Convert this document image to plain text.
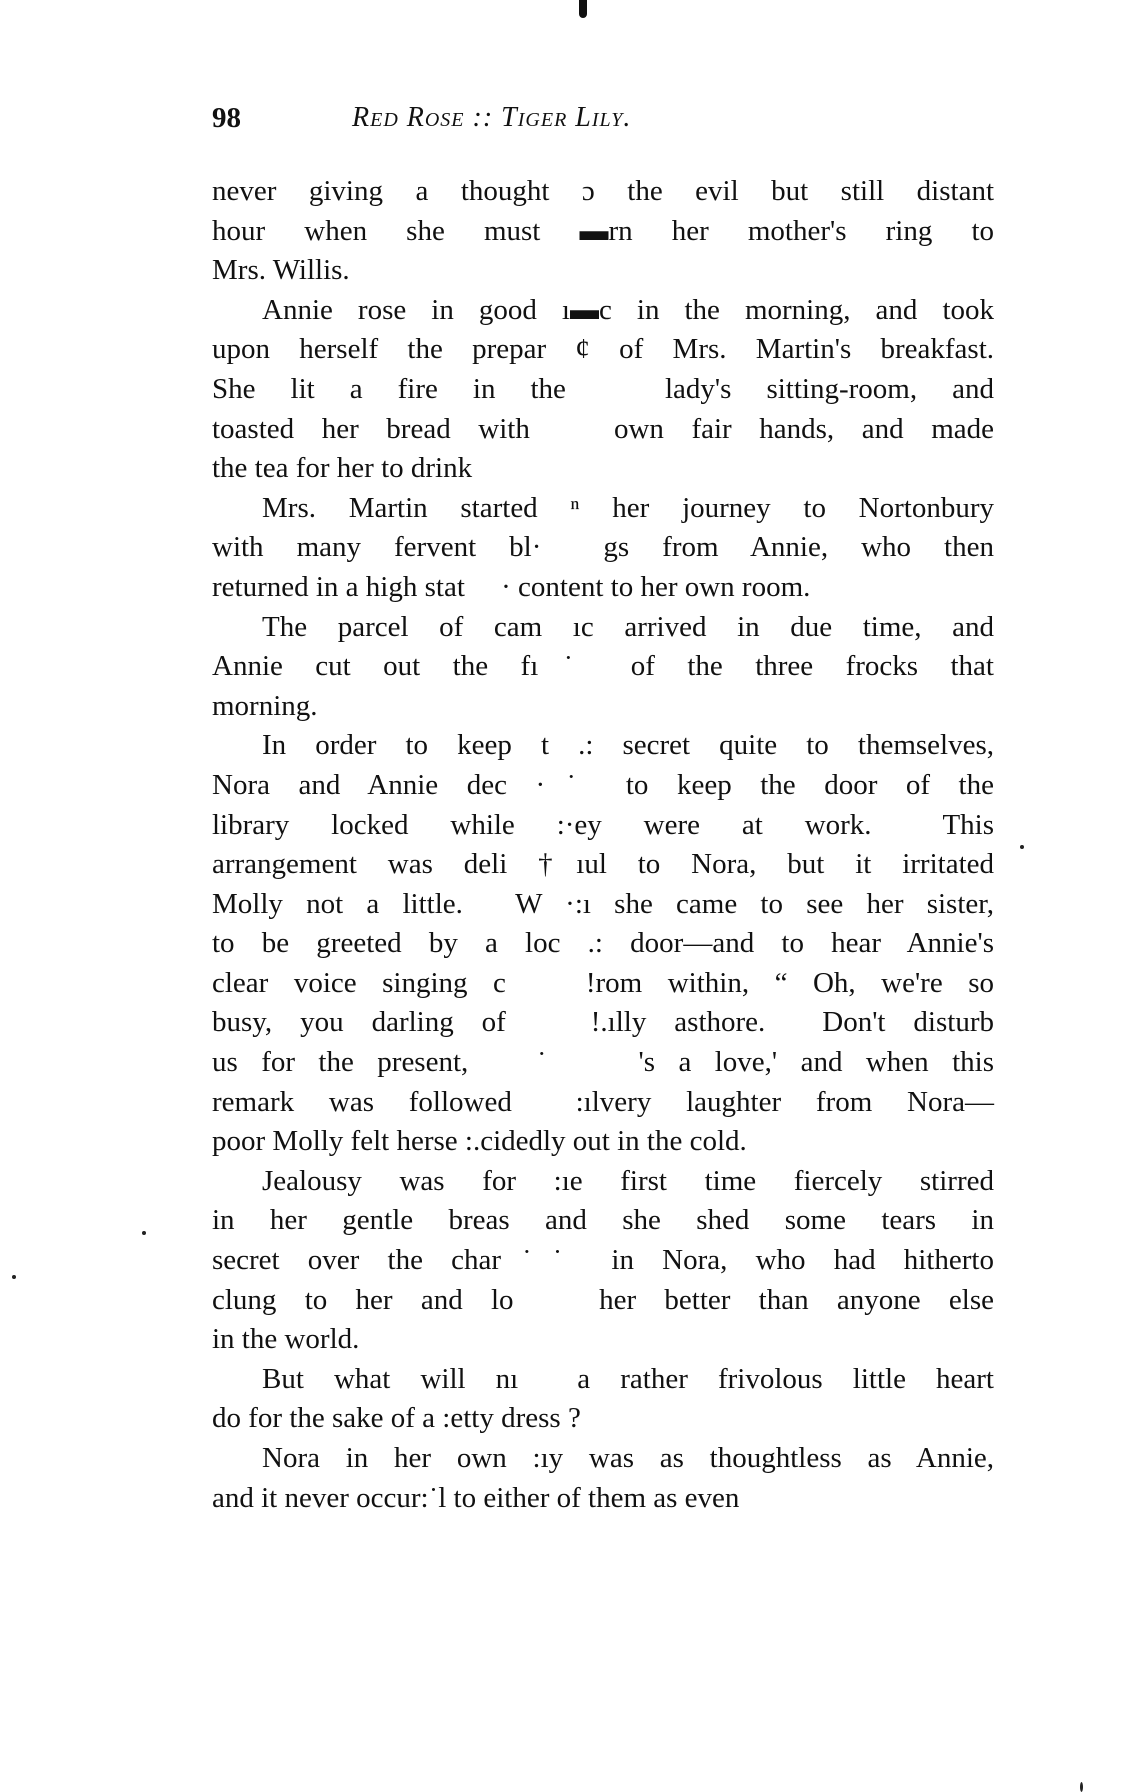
98	Red Rose :: Tiger Lily.

never giving a thought ɔ the evil but still distant
hour when she must ▬rn her mother's ring to
Mrs. Willis.

Annie rose in good ı▬c in the morning, and took
upon herself the prepar ¢ of Mrs. Martin's breakfast.
She lit a fire in the   lady's sitting-room, and
toasted her bread with   own fair hands, and made
the tea for her to drink

Mrs. Martin started ⁿ her journey to Nortonbury
with many fervent bl·  gs from Annie, who then
returned in a high stat  · content to her own room.

The parcel of cam ıc arrived in due time, and
Annie cut out the fı˙ of the three frocks that
morning.

In order to keep t .: secret quite to themselves,
Nora and Annie dec ·˙ to keep the door of the
library locked while :·ey were at work.  This
arrangement was deli †ıul to Nora, but it irritated
Molly not a little.  W ·:ı she came to see her sister,
to be greeted by a loc .: door—and to hear Annie's
clear voice singing c   !rom within, “ Oh, we're so
busy, you darling of   !.ılly asthore.  Don't disturb
us for the present,  ˙   's a love,' and when this
remark was followed  :ılvery laughter from Nora—
poor Molly felt herse :.cidedly out in the cold.

Jealousy was for :ıe first time fiercely stirred
in her gentle breas and she shed some tears in
secret over the char˙˙ in Nora, who had hitherto
clung to her and lo   her better than anyone else
in the world.

But what will nı  a rather frivolous little heart
do for the sake of a :etty dress ?

Nora in her own :ıy was as thoughtless as Annie,
and it never occur:˙l to either of them as even
